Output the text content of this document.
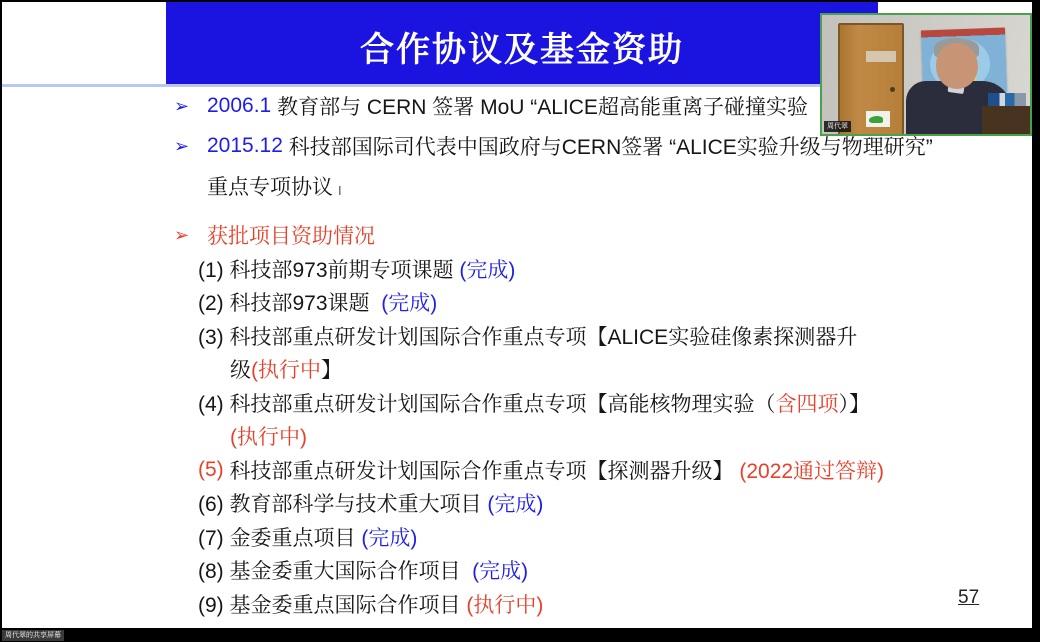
合作协议及基金资助
➢ 2006.1 教育部与 CERN 签署 MoU “ALICE超高能重离子碰撞实验
➢ 2015.12 科技部国际司代表中国政府与CERN签署 “ALICE实验升级与物理研究”
重点专项协议 I
➢ 获批项目资助情况
(1) 科技部973前期专项课题 (完成)
(2) 科技部973课题 (完成)
(3) 科技部重点研发计划国际合作重点专项【ALICE实验硅像素探测器升
级 (执行中 】
(4) 科技部重点研发计划国际合作重点专项【高能核物理实验（ 含四项 ）】
(执行中)
(5) 科技部重点研发计划国际合作重点专项【探测器升级】 (2022通过答辩)
(6) 教育部科学与技术重大项目 (完成)
(7) 金委重点项目 (完成)
(8) 基金委重大国际合作项目 (完成)
(9) 基金委重点国际合作项目 (执行中)	57
周代翠
周代翠的共享屏幕
